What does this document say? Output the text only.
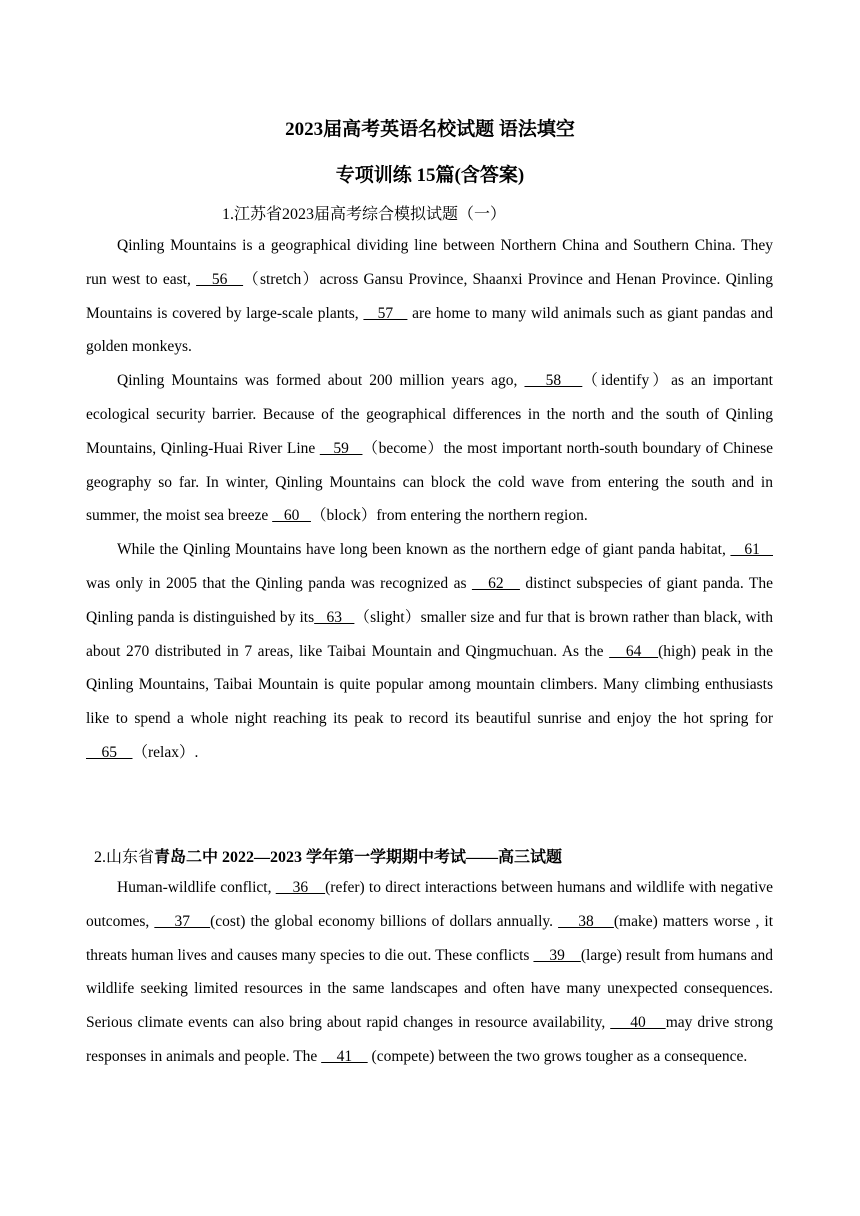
2023届高考英语名校试题 语法填空
专项训练 15篇(含答案)
1.江苏省2023届高考综合模拟试题（一）

Qinling Mountains is a geographical dividing line between Northern China and Southern China. They run west to east,    56   （stretch）across Gansu Province, Shaanxi Province and Henan Province. Qinling Mountains is covered by large-scale plants,    57    are home to many wild animals such as giant pandas and golden monkeys.

Qinling Mountains was formed about 200 million years ago,    58   （identify）as an important ecological security barrier. Because of the geographical differences in the north and the south of Qinling Mountains, Qinling-Huai River Line    59   （become）the most important north-south boundary of Chinese geography so far. In winter, Qinling Mountains can block the cold wave from entering the south and in summer, the moist sea breeze    60   （block）from entering the northern region.

While the Qinling Mountains have long been known as the northern edge of giant panda habitat,    61    was only in 2005 that the Qinling panda was recognized as    62    distinct subspecies of giant panda. The Qinling panda is distinguished by its   63   （slight）smaller size and fur that is brown rather than black, with about 270 distributed in 7 areas, like Taibai Mountain and Qingmuchuan. As the    64   (high) peak in the Qinling Mountains, Taibai Mountain is quite popular among mountain climbers. Many climbing enthusiasts like to spend a whole night reaching its peak to record its beautiful sunrise and enjoy the hot spring for     65    （relax）.

2.山东省青岛二中 2022—2023 学年第一学期期中考试——高三试题

Human-wildlife conflict,     36    (refer) to direct interactions between humans and wildlife with negative outcomes,     37    (cost) the global economy billions of dollars annually.     38    (make) matters worse , it threats human lives and causes many species to die out. These conflicts     39    (large) result from humans and wildlife seeking limited resources in the same landscapes and often have many unexpected consequences. Serious climate events can also bring about rapid changes in resource availability,     40    may drive strong responses in animals and people. The     41     (compete) between the two grows tougher as a consequence.
